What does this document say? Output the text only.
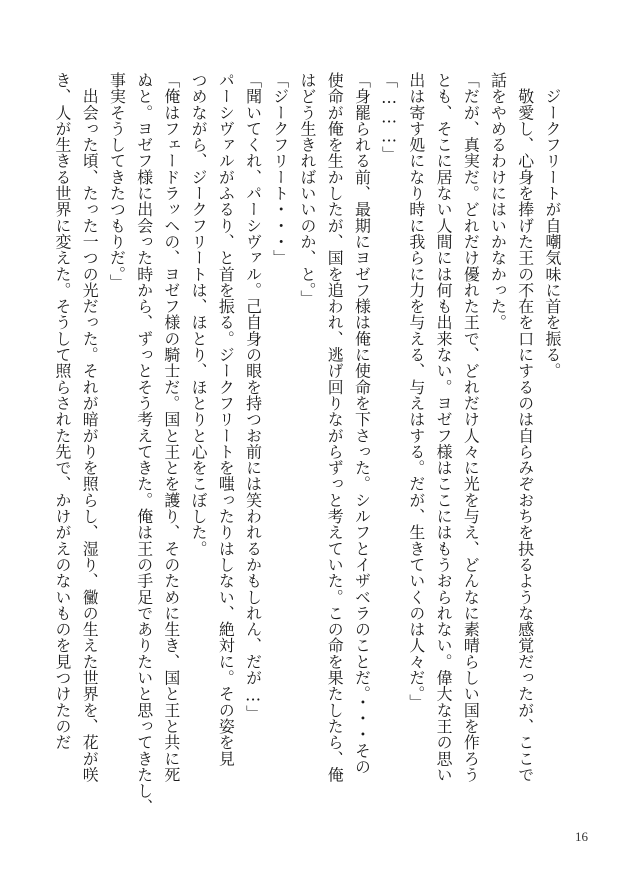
　ジークフリートが自嘲気味に首を振る。
　敬愛し、心身を捧げた王の不在を口にするのは自らみぞおちを抉るような感覚だったが、ここで
話をやめるわけにはいかなかった。
「だが、真実だ。どれだけ優れた王で、どれだけ人々に光を与え、どんなに素晴らしい国を作ろう
とも、そこに居ない人間には何も出来ない。ヨゼフ様はここにはもうおられない。偉大な王の思い
出は寄す処になり時に我らに力を与える、与えはする。だが、生きていくのは人々だ。」
「………」
「身罷られる前、最期にヨゼフ様は俺に使命を下さった。シルフとイザベラのことだ。・・・その
使命が俺を生かしたが、国を追われ、逃げ回りながらずっと考えていた。この命を果たしたら、俺
はどう生きればいいのか、と。」
「ジークフリート・・・」
「聞いてくれ、パーシヴァル。己自身の眼を持つお前には笑われるかもしれん、だが…」
パーシヴァルがふるり、と首を振る。ジークフリートを嗤ったりはしない、絶対に。その姿を見
つめながら、ジークフリートは、ほとり、ほとりと心をこぼした。
「俺はフェードラッヘの、ヨゼフ様の騎士だ。国と王とを護り、そのために生き、国と王と共に死
ぬと。ヨゼフ様に出会った時から、ずっとそう考えてきた。俺は王の手足でありたいと思ってきたし、
事実そうしてきたつもりだ。」
　出会った頃、たった一つの光だった。それが暗がりを照らし、湿り、黴の生えた世界を、花が咲
き、人が生きる世界に変えた。そうして照らされた先で、かけがえのないものを見つけたのだ
16
